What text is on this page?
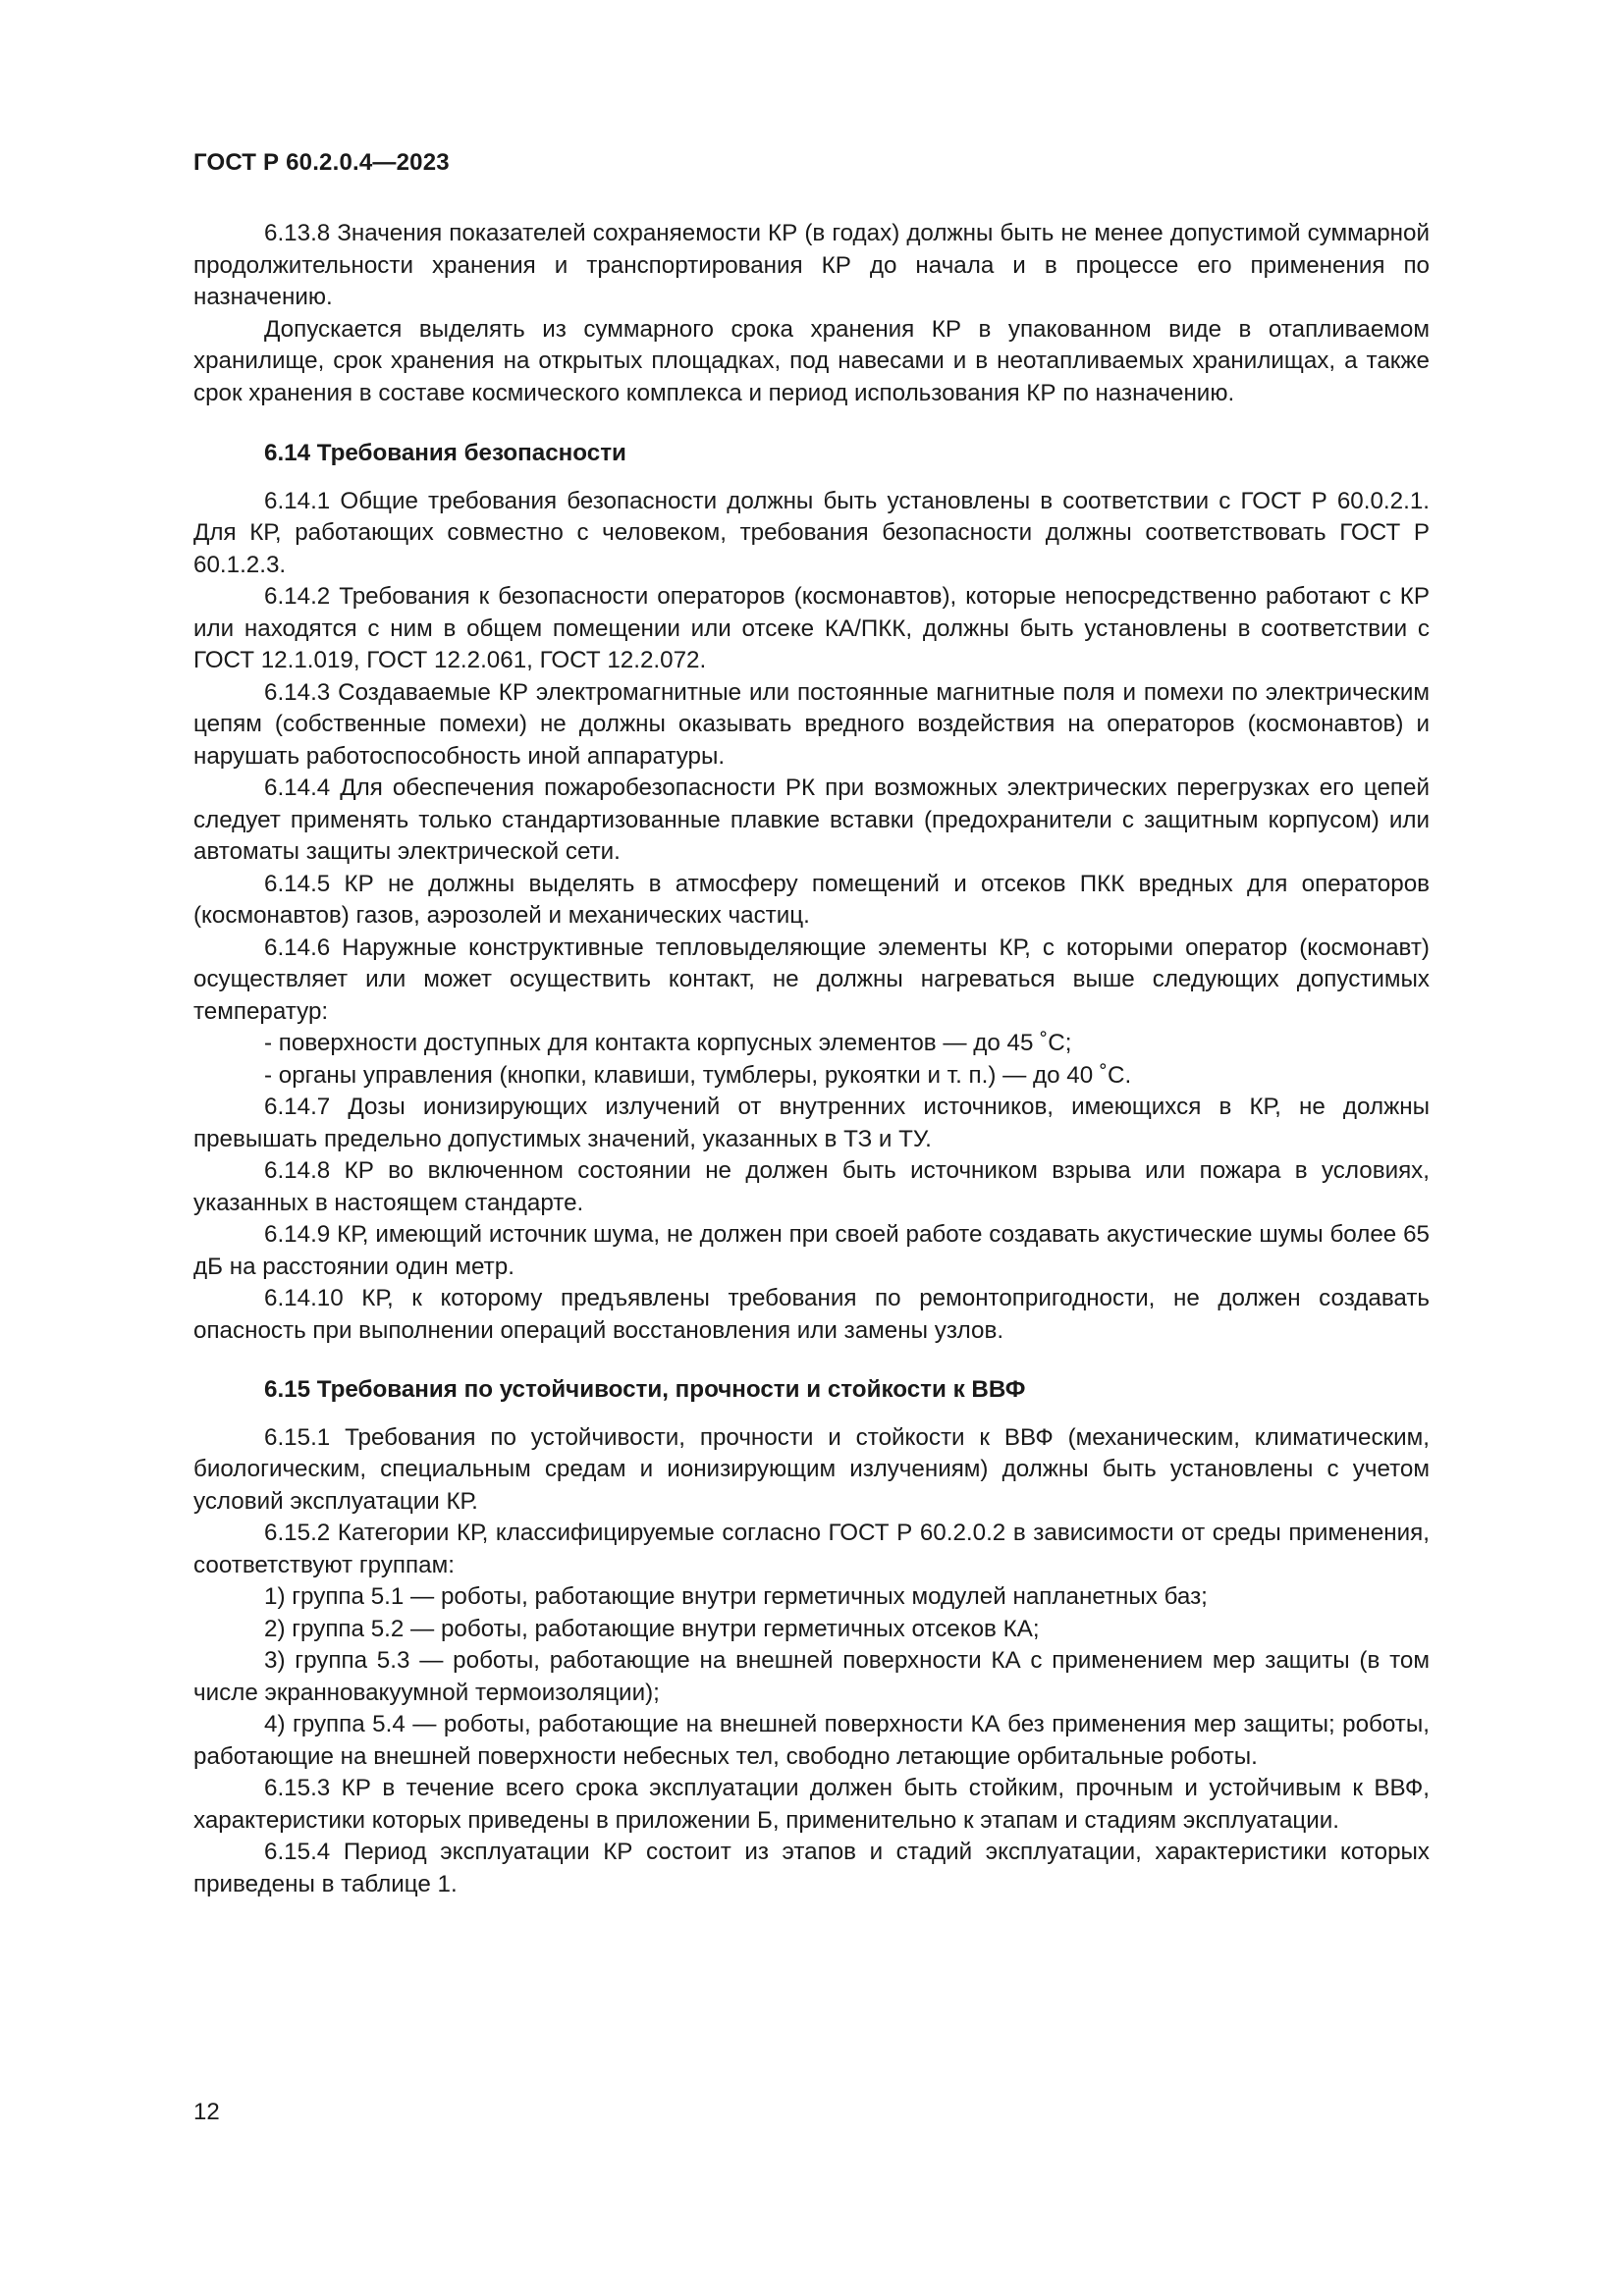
ГОСТ Р 60.2.0.4—2023

6.13.8 Значения показателей сохраняемости КР (в годах) должны быть не менее допустимой суммарной продолжительности хранения и транспортирования КР до начала и в процессе его применения по назначению.

Допускается выделять из суммарного срока хранения КР в упакованном виде в отапливаемом хранилище, срок хранения на открытых площадках, под навесами и в неотапливаемых хранилищах, а также срок хранения в составе космического комплекса и период использования КР по назначению.

6.14 Требования безопасности

6.14.1 Общие требования безопасности должны быть установлены в соответствии с ГОСТ Р 60.0.2.1. Для КР, работающих совместно с человеком, требования безопасности должны соответствовать ГОСТ Р 60.1.2.3.

6.14.2 Требования к безопасности операторов (космонавтов), которые непосредственно работают с КР или находятся с ним в общем помещении или отсеке КА/ПКК, должны быть установлены в соответствии с ГОСТ 12.1.019, ГОСТ 12.2.061, ГОСТ 12.2.072.

6.14.3 Создаваемые КР электромагнитные или постоянные магнитные поля и помехи по электрическим цепям (собственные помехи) не должны оказывать вредного воздействия на операторов (космонавтов) и нарушать работоспособность иной аппаратуры.

6.14.4 Для обеспечения пожаробезопасности РК при возможных электрических перегрузках его цепей следует применять только стандартизованные плавкие вставки (предохранители с защитным корпусом) или автоматы защиты электрической сети.

6.14.5 КР не должны выделять в атмосферу помещений и отсеков ПКК вредных для операторов (космонавтов) газов, аэрозолей и механических частиц.

6.14.6 Наружные конструктивные тепловыделяющие элементы КР, с которыми оператор (космонавт) осуществляет или может осуществить контакт, не должны нагреваться выше следующих допустимых температур:

- поверхности доступных для контакта корпусных элементов — до 45 ˚С;

- органы управления (кнопки, клавиши, тумблеры, рукоятки и т. п.) — до 40 ˚С.

6.14.7 Дозы ионизирующих излучений от внутренних источников, имеющихся в КР, не должны превышать предельно допустимых значений, указанных в ТЗ и ТУ.

6.14.8 КР во включенном состоянии не должен быть источником взрыва или пожара в условиях, указанных в настоящем стандарте.

6.14.9 КР, имеющий источник шума, не должен при своей работе создавать акустические шумы более 65 дБ на расстоянии один метр.

6.14.10 КР, к которому предъявлены требования по ремонтопригодности, не должен создавать опасность при выполнении операций восстановления или замены узлов.

6.15 Требования по устойчивости, прочности и стойкости к ВВФ

6.15.1 Требования по устойчивости, прочности и стойкости к ВВФ (механическим, климатическим, биологическим, специальным средам и ионизирующим излучениям) должны быть установлены с учетом условий эксплуатации КР.

6.15.2 Категории КР, классифицируемые согласно ГОСТ Р 60.2.0.2 в зависимости от среды применения, соответствуют группам:

1) группа 5.1 — роботы, работающие внутри герметичных модулей напланетных баз;

2) группа 5.2 — роботы, работающие внутри герметичных отсеков КА;

3) группа 5.3 — роботы, работающие на внешней поверхности КА с применением мер защиты (в том числе экранновакуумной термоизоляции);

4) группа 5.4 — роботы, работающие на внешней поверхности КА без применения мер защиты; роботы, работающие на внешней поверхности небесных тел, свободно летающие орбитальные роботы.

6.15.3 КР в течение всего срока эксплуатации должен быть стойким, прочным и устойчивым к ВВФ, характеристики которых приведены в приложении Б, применительно к этапам и стадиям эксплуатации.

6.15.4 Период эксплуатации КР состоит из этапов и стадий эксплуатации, характеристики которых приведены в таблице 1.

12
